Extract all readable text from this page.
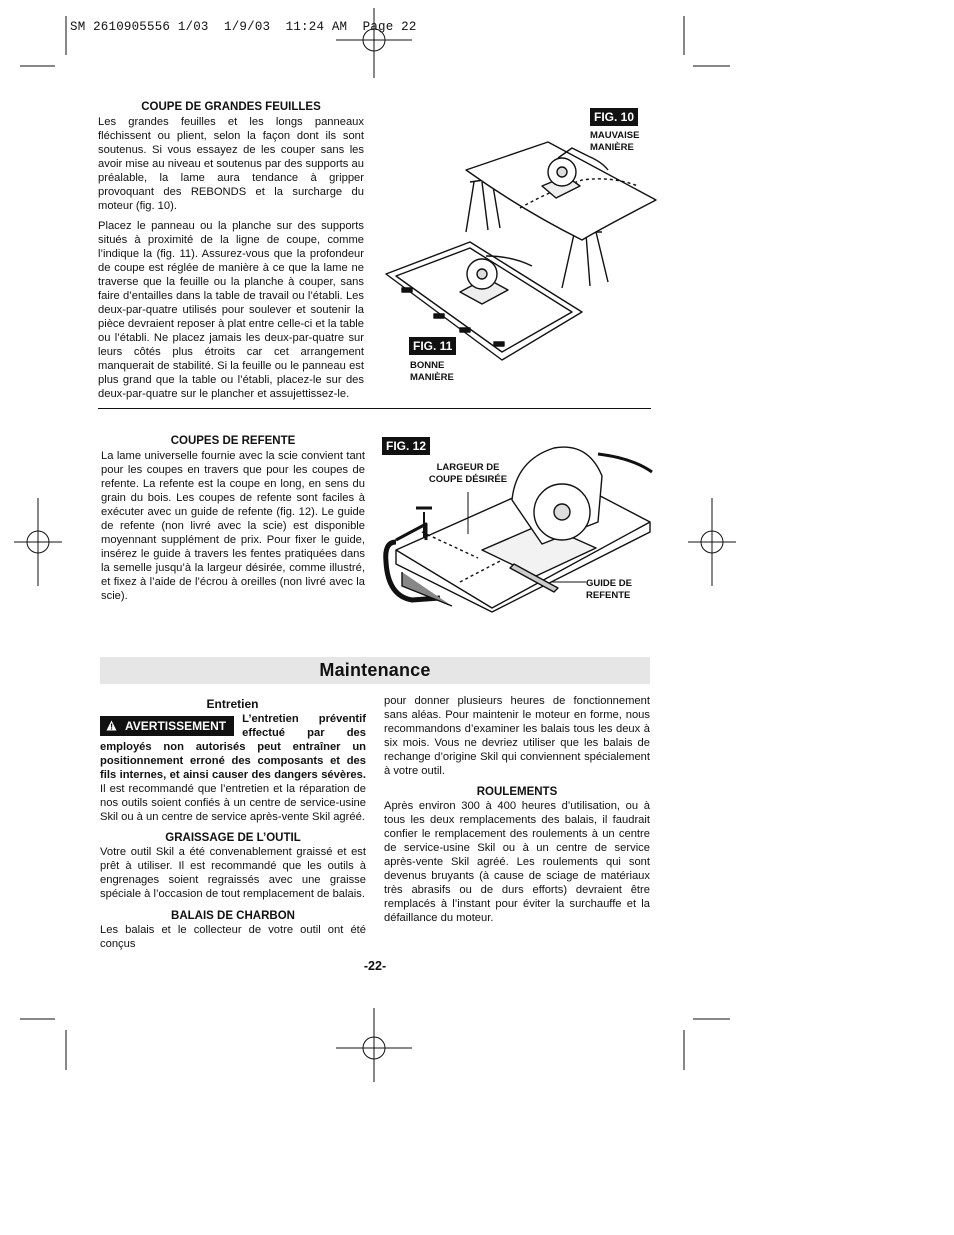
SM 2610905556 1/03  1/9/03  11:24 AM  Page 22
COUPE DE GRANDES FEUILLES

Les grandes feuilles et les longs panneaux fléchissent ou plient, selon la façon dont ils sont soutenus. Si vous essayez de les couper sans les avoir mise au niveau et soutenus par des supports au préalable, la lame aura tendance à gripper provoquant des REBONDS et la surcharge du moteur (fig. 10).

Placez le panneau ou la planche sur des supports situés à proximité de la ligne de coupe, comme l’indique la (fig. 11). Assurez-vous que la profondeur de coupe est réglée de manière à ce que la lame ne traverse que la feuille ou la planche à couper, sans faire d’entailles dans la table de travail ou l’établi. Les deux-par-quatre utilisés pour soulever et soutenir la pièce devraient reposer à plat entre celle-ci et la table ou l’établi. Ne placez jamais les deux-par-quatre sur leurs côtés plus étroits car cet arrangement manquerait de stabilité. Si la feuille ou le panneau est plus grand que la table ou l’établi, placez-le sur des deux-par-quatre sur le plancher et assujettissez-le.

FIG. 10
MAUVAISE
MANIÈRE
FIG. 11
BONNE
MANIÈRE
COUPES DE REFENTE

La lame universelle fournie avec la scie convient tant pour les coupes en travers que pour les coupes de refente. La refente est la coupe en long, en sens du grain du bois. Les coupes de refente sont faciles à exécuter avec un guide de refente (fig. 12). Le guide de refente (non livré avec la scie) est disponible moyennant supplément de prix. Pour fixer le guide, insérez le guide à travers les fentes pratiquées dans la semelle jusqu’à la largeur désirée, comme illustré, et fixez à l’aide de l’écrou à oreilles (non livré avec la scie).

FIG. 12
LARGEUR DE
COUPE DÉSIRÉE
GUIDE DE
REFENTE
Maintenance
Entretien
AVERTISSEMENT	L’entretien préventif effectué par des employés non autorisés peut entraîner un positionnement erroné des composants et des fils internes, et ainsi causer des dangers sévères. Il est recommandé que l’entretien et la réparation de nos outils soient confiés à un centre de service-usine Skil ou à un centre de service après-vente Skil agréé.
GRAISSAGE DE L’OUTIL

Votre outil Skil a été convenablement graissé et est prêt à utiliser. Il est recommandé que les outils à engrenages soient regraissés avec une graisse spéciale à l’occasion de tout remplacement de balais.

BALAIS DE CHARBON

Les balais et le collecteur de votre outil ont été conçus

pour donner plusieurs heures de fonctionnement sans aléas. Pour maintenir le moteur en forme, nous recommandons d’examiner les balais tous les deux à six mois. Vous ne devriez utiliser que les balais de rechange d’origine Skil qui conviennent spécialement à votre outil.

ROULEMENTS

Après environ 300 à 400 heures d’utilisation, ou à tous les deux remplacements des balais, il faudrait confier le remplacement des roulements à un centre de service-usine Skil ou à un centre de service après-vente Skil agréé. Les roulements qui sont devenus bruyants (à cause de sciage de matériaux très abrasifs ou de durs efforts) devraient être remplacés à l’instant pour éviter la surchauffe et la défaillance du moteur.

-22-
